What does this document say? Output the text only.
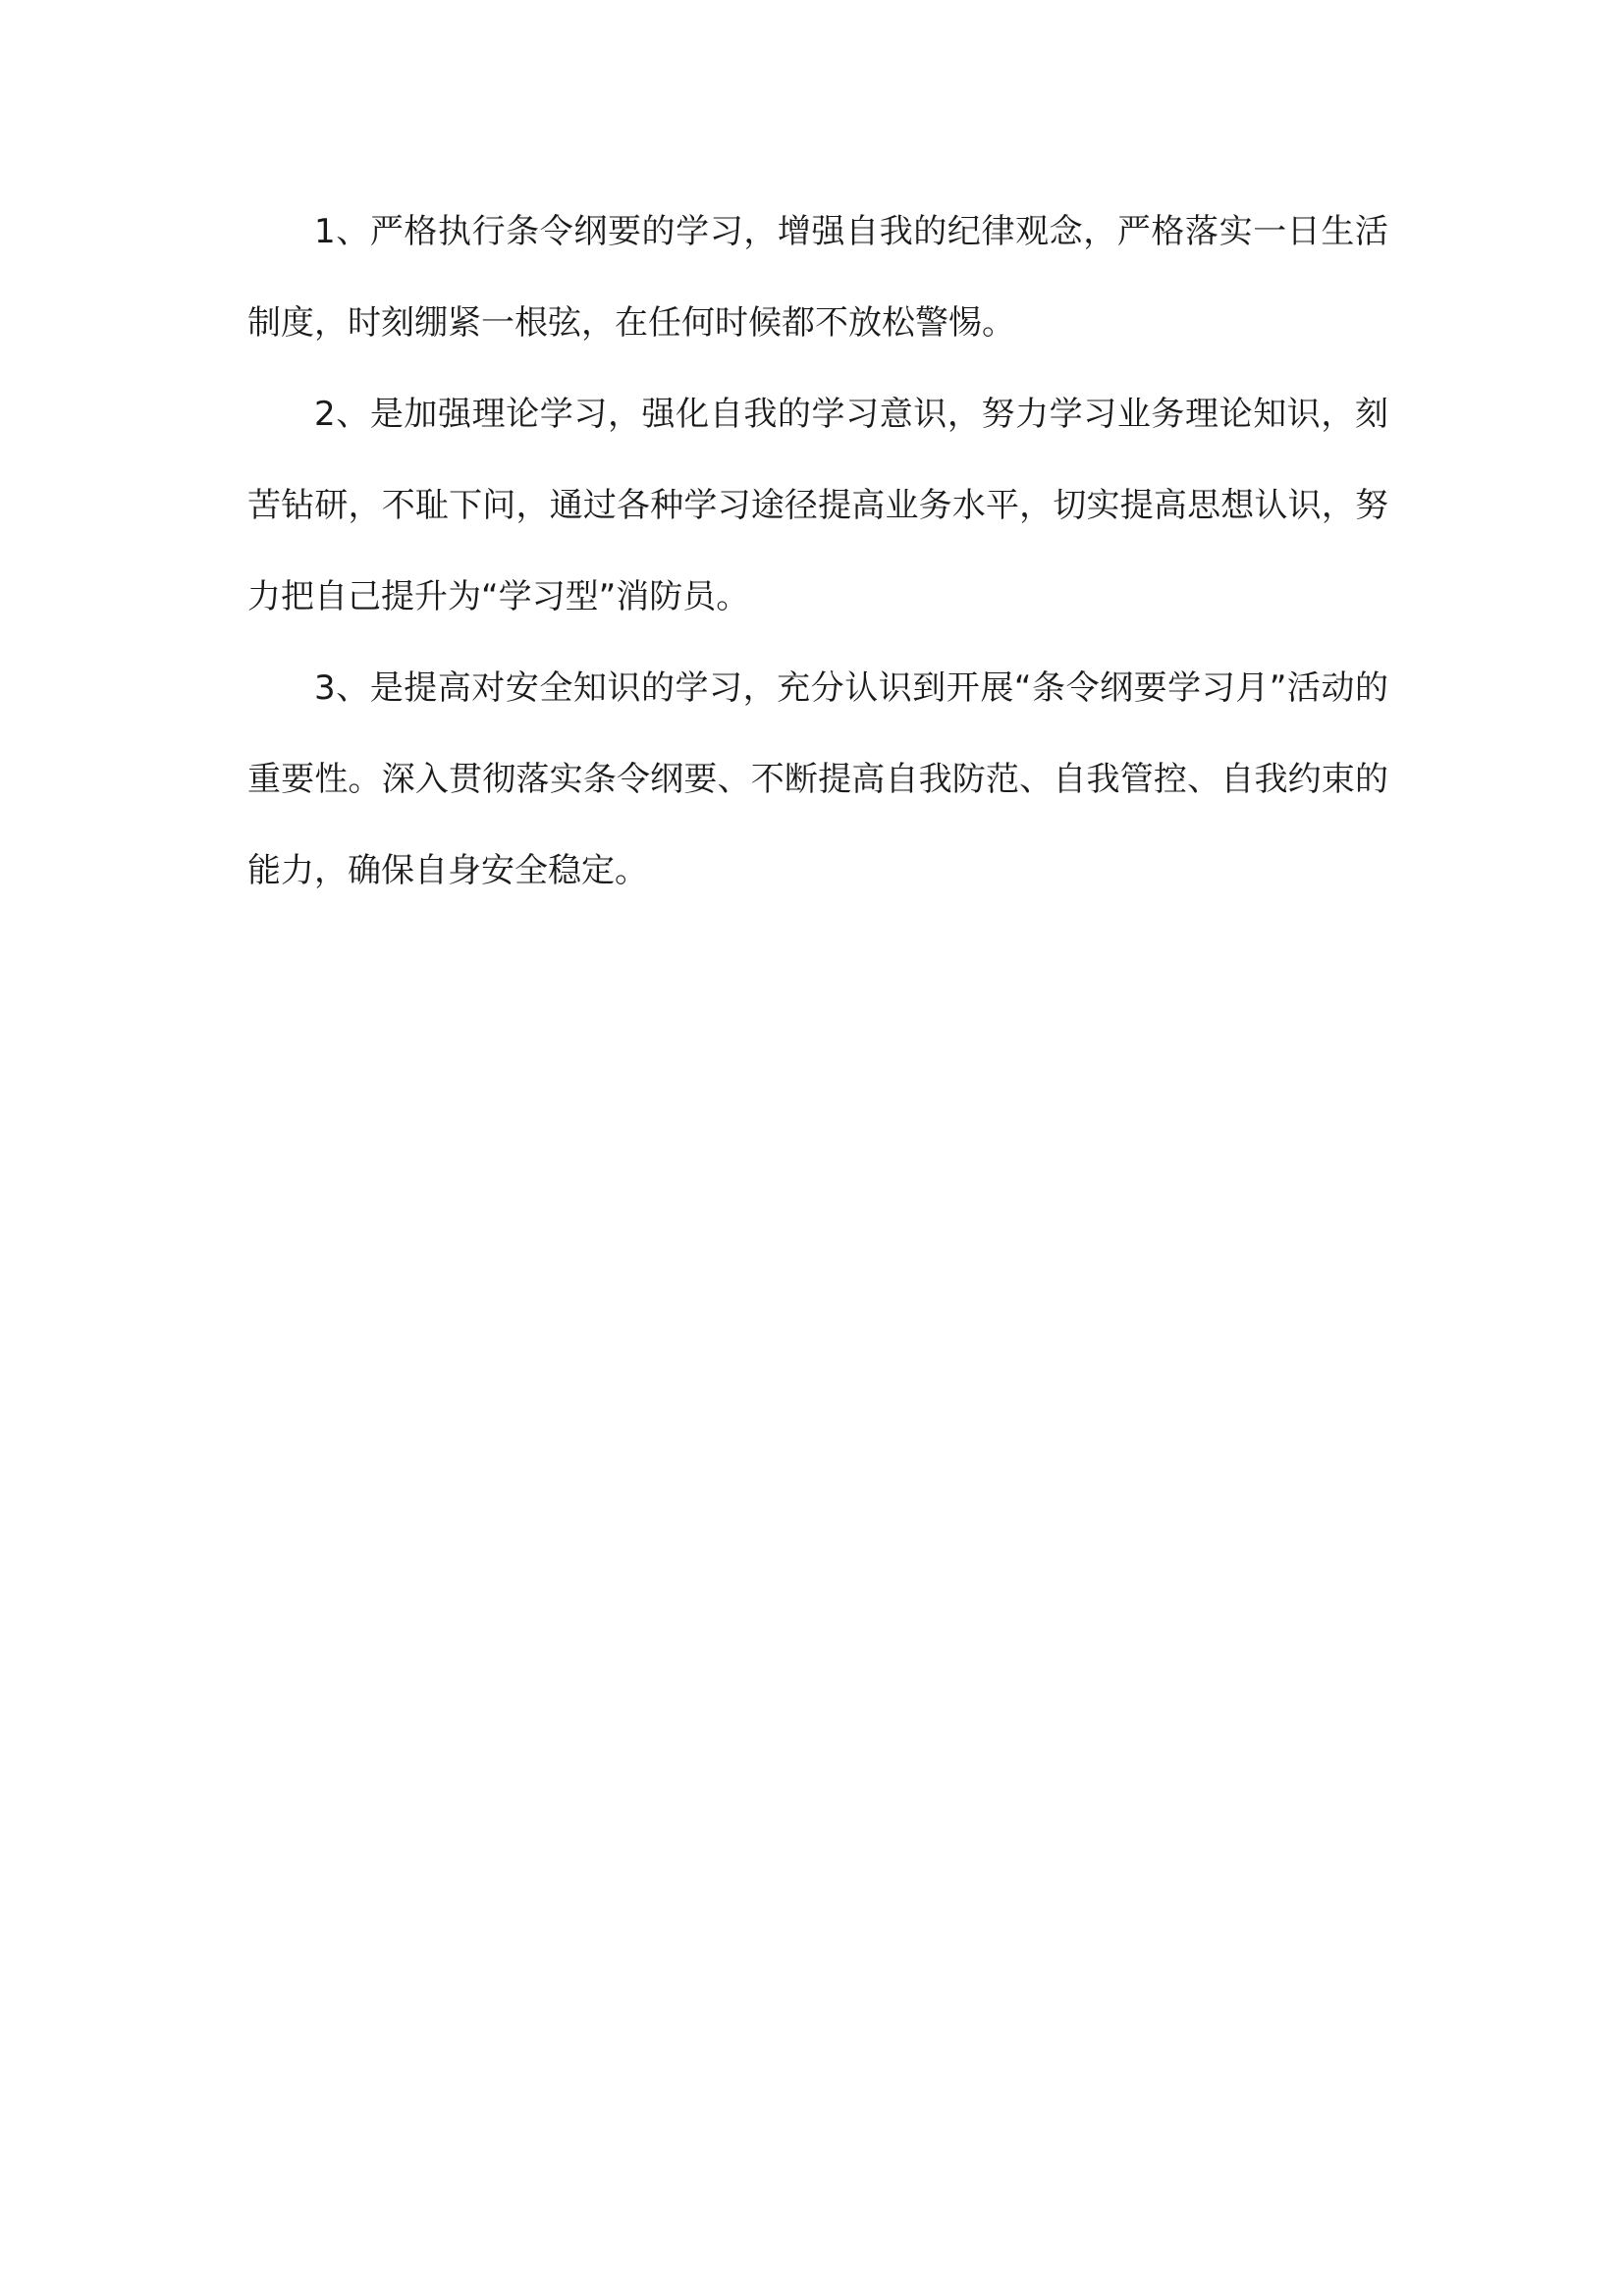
1、严格执行条令纲要的学习，增强自我的纪律观念，严格落实一日生活制度，时刻绷紧一根弦，在任何时候都不放松警惕。

2、是加强理论学习，强化自我的学习意识，努力学习业务理论知识，刻苦钻研，不耻下问，通过各种学习途径提高业务水平，切实提高思想认识，努力把自己提升为“学习型”消防员。

3、是提高对安全知识的学习，充分认识到开展“条令纲要学习月”活动的重要性。深入贯彻落实条令纲要、不断提高自我防范、自我管控、自我约束的能力，确保自身安全稳定。
